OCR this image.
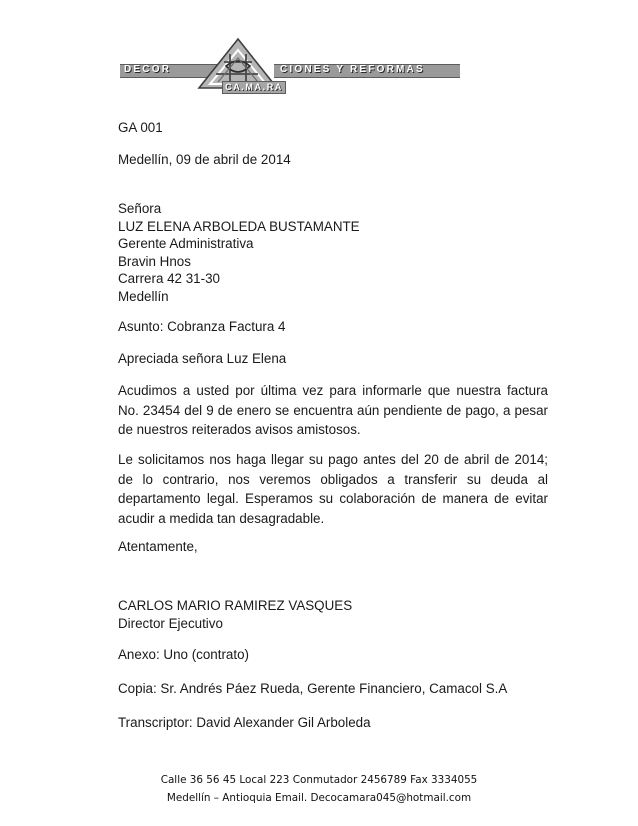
DECOR	CIONES Y REFORMAS
CA.MA.RA
GA 001
Medellín, 09 de abril de 2014
Señora
LUZ ELENA ARBOLEDA BUSTAMANTE
Gerente Administrativa
Bravin Hnos
Carrera 42 31-30
Medellín
Asunto: Cobranza Factura 4
Apreciada señora Luz Elena
Acudimos a usted por última vez para informarle que nuestra factura No. 23454 del 9 de enero se encuentra aún pendiente de pago, a pesar de nuestros reiterados avisos amistosos.
Le solicitamos nos haga llegar su pago antes del 20 de abril de 2014; de lo contrario, nos veremos obligados a transferir su deuda al departamento legal. Esperamos su colaboración de manera de evitar acudir a medida tan desagradable.
Atentamente,
CARLOS MARIO RAMIREZ VASQUES
Director Ejecutivo
Anexo: Uno (contrato)
Copia: Sr. Andrés Páez Rueda, Gerente Financiero, Camacol S.A
Transcriptor: David Alexander Gil Arboleda
Calle 36 56 45 Local 223 Conmutador 2456789 Fax 3334055
Medellín – Antioquia Email. Decocamara045@hotmail.com
